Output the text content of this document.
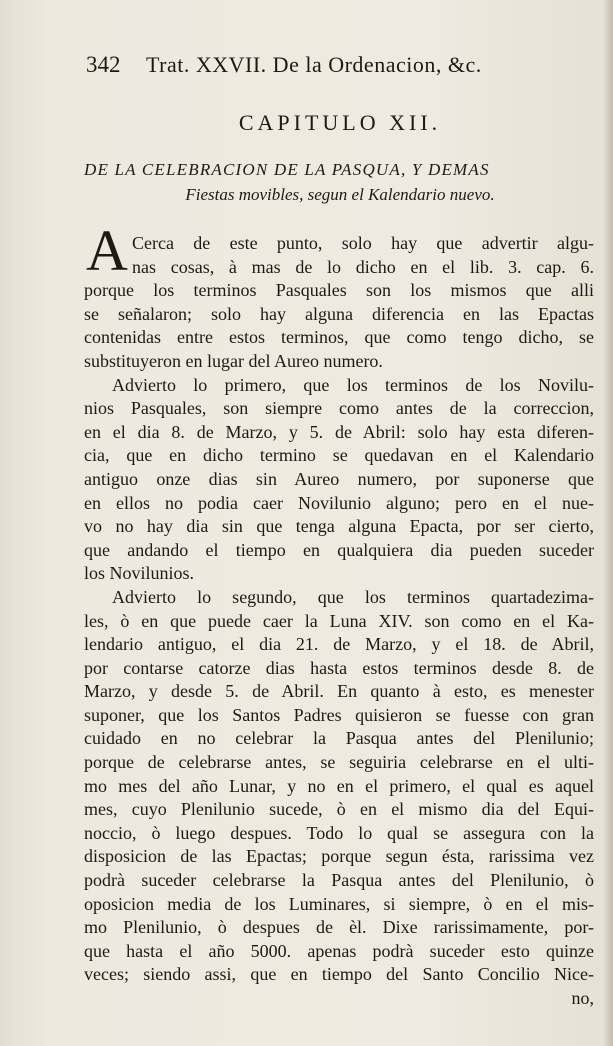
342 Trat. XXVII. De la Ordenacion, &c.
CAPITULO XII.
DE LA CELEBRACION DE LA PASQUA, Y DEMAS
Fiestas movibles, segun el Kalendario nuevo.
A Cerca de este punto, solo hay que advertir algu-
nas cosas, à mas de lo dicho en el lib. 3. cap. 6.
porque los terminos Pasquales son los mismos que alli
se señalaron; solo hay alguna diferencia en las Epactas
contenidas entre estos terminos, que como tengo dicho, se
substituyeron en lugar del Aureo numero.
Advierto lo primero, que los terminos de los Novilu-
nios Pasquales, son siempre como antes de la correccion,
en el dia 8. de Marzo, y 5. de Abril: solo hay esta diferen-
cia, que en dicho termino se quedavan en el Kalendario
antiguo onze dias sin Aureo numero, por suponerse que
en ellos no podia caer Novilunio alguno; pero en el nue-
vo no hay dia sin que tenga alguna Epacta, por ser cierto,
que andando el tiempo en qualquiera dia pueden suceder
los Novilunios.
Advierto lo segundo, que los terminos quartadezima-
les, ò en que puede caer la Luna XIV. son como en el Ka-
lendario antiguo, el dia 21. de Marzo, y el 18. de Abril,
por contarse catorze dias hasta estos terminos desde 8. de
Marzo, y desde 5. de Abril. En quanto à esto, es menester
suponer, que los Santos Padres quisieron se fuesse con gran
cuidado en no celebrar la Pasqua antes del Plenilunio;
porque de celebrarse antes, se seguiria celebrarse en el ulti-
mo mes del año Lunar, y no en el primero, el qual es aquel
mes, cuyo Plenilunio sucede, ò en el mismo dia del Equi-
noccio, ò luego despues. Todo lo qual se assegura con la
disposicion de las Epactas; porque segun ésta, rarissima vez
podrà suceder celebrarse la Pasqua antes del Plenilunio, ò
oposicion media de los Luminares, si siempre, ò en el mis-
mo Plenilunio, ò despues de èl. Dixe rarissimamente, por-
que hasta el año 5000. apenas podrà suceder esto quinze
veces; siendo assi, que en tiempo del Santo Concilio Nice-
no,
